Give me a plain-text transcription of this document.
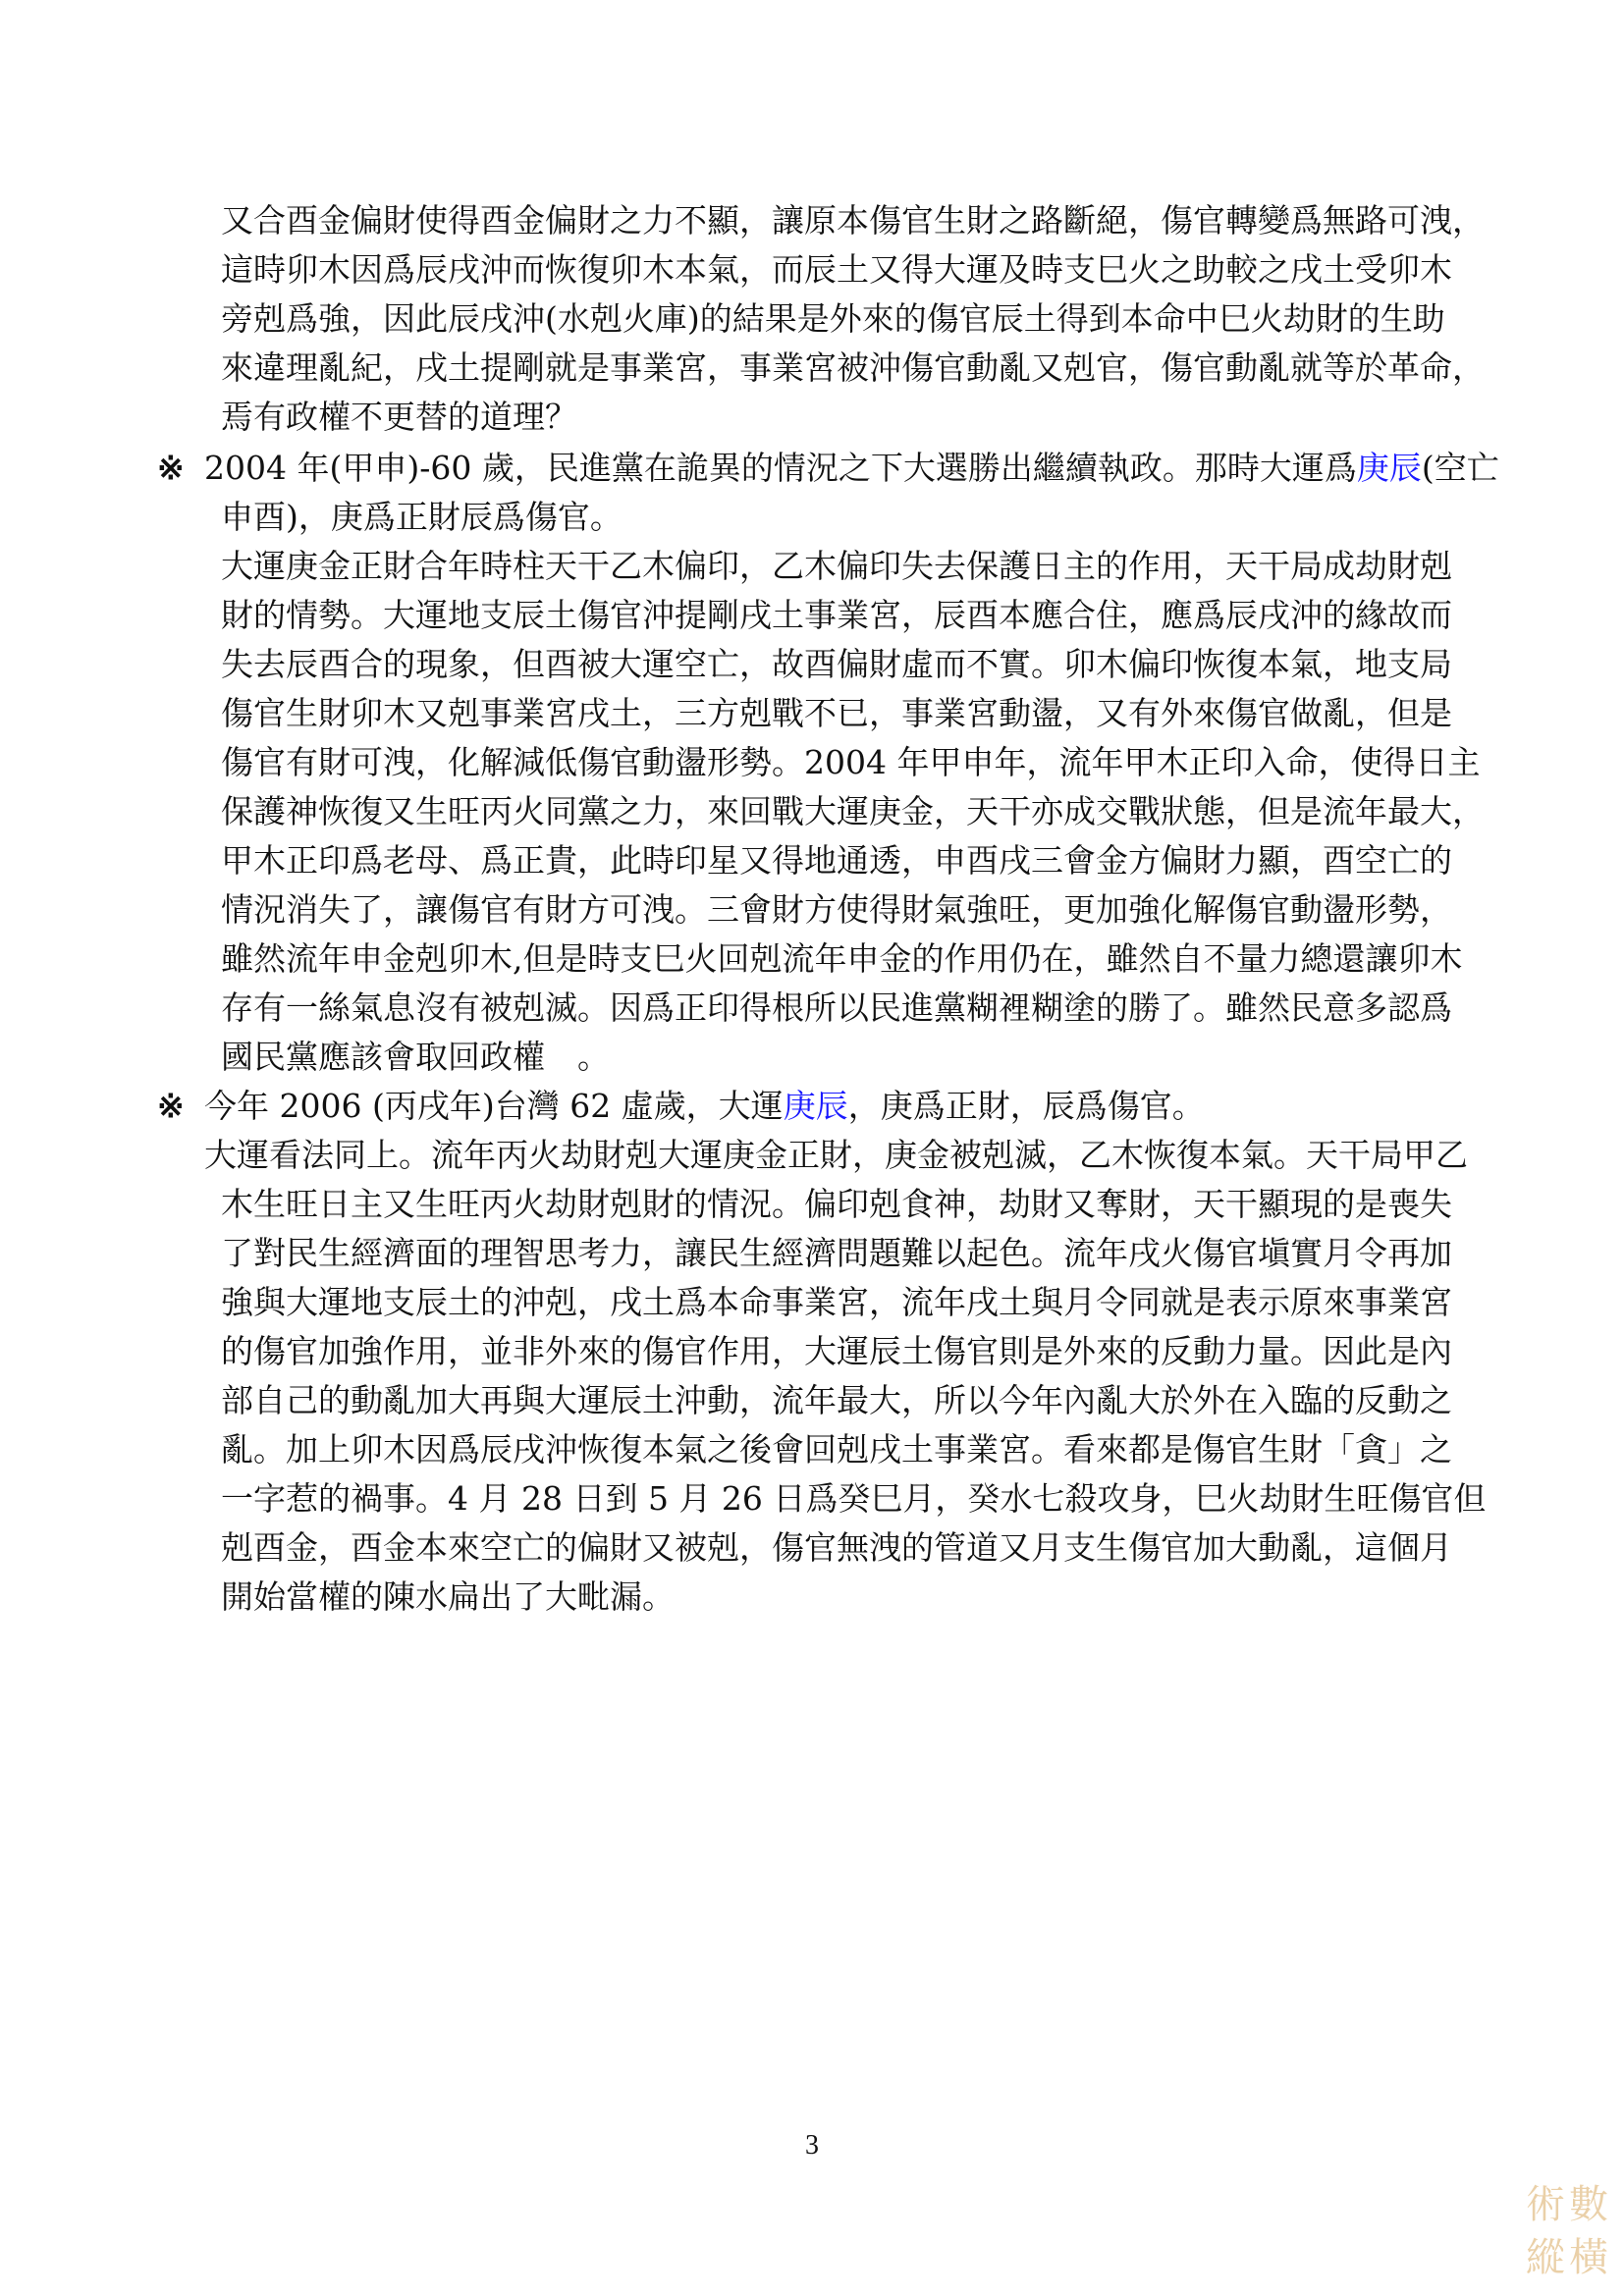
又合酉金偏財使得酉金偏財之力不顯，讓原本傷官生財之路斷絕，傷官轉變爲無路可洩，
這時卯木因爲辰戌沖而恢復卯木本氣，而辰土又得大運及時支巳火之助較之戌土受卯木
旁剋爲強，因此辰戌沖(水剋火庫)的結果是外來的傷官辰土得到本命中巳火劫財的生助
來違理亂紀，戌土提剛就是事業宮，事業宮被沖傷官動亂又剋官，傷官動亂就等於革命，
焉有政權不更替的道理？
※ 2004 年(甲申)-60 歲，民進黨在詭異的情況之下大選勝出繼續執政。那時大運爲庚辰(空亡
申酉)，庚爲正財辰爲傷官。
大運庚金正財合年時柱天干乙木偏印，乙木偏印失去保護日主的作用，天干局成劫財剋
財的情勢。大運地支辰土傷官沖提剛戌土事業宮，辰酉本應合住，應爲辰戌沖的緣故而
失去辰酉合的現象，但酉被大運空亡，故酉偏財虛而不實。卯木偏印恢復本氣，地支局
傷官生財卯木又剋事業宮戌土，三方剋戰不已，事業宮動盪，又有外來傷官做亂，但是
傷官有財可洩，化解減低傷官動盪形勢。2004 年甲申年，流年甲木正印入命，使得日主
保護神恢復又生旺丙火同黨之力，來回戰大運庚金，天干亦成交戰狀態，但是流年最大，
甲木正印爲老母、爲正貴，此時印星又得地通透，申酉戌三會金方偏財力顯，酉空亡的
情況消失了，讓傷官有財方可洩。三會財方使得財氣強旺，更加強化解傷官動盪形勢，
雖然流年申金剋卯木,但是時支巳火回剋流年申金的作用仍在，雖然自不量力總還讓卯木
存有一絲氣息沒有被剋滅。因爲正印得根所以民進黨糊裡糊塗的勝了。雖然民意多認爲
國民黨應該會取回政權　。
※ 今年 2006 (丙戌年)台灣 62 虛歲，大運庚辰，庚爲正財，辰爲傷官。
大運看法同上。流年丙火劫財剋大運庚金正財，庚金被剋滅，乙木恢復本氣。天干局甲乙
木生旺日主又生旺丙火劫財剋財的情況。偏印剋食神，劫財又奪財，天干顯現的是喪失
了對民生經濟面的理智思考力，讓民生經濟問題難以起色。流年戌火傷官塡實月令再加
強與大運地支辰土的沖剋，戌土爲本命事業宮，流年戌土與月令同就是表示原來事業宮
的傷官加強作用，並非外來的傷官作用，大運辰土傷官則是外來的反動力量。因此是內
部自己的動亂加大再與大運辰土沖動，流年最大，所以今年內亂大於外在入臨的反動之
亂。加上卯木因爲辰戌沖恢復本氣之後會回剋戌土事業宮。看來都是傷官生財「貪」之
一字惹的禍事。4 月 28 日到 5 月 26 日爲癸巳月，癸水七殺攻身，巳火劫財生旺傷官但
剋酉金，酉金本來空亡的偏財又被剋，傷官無洩的管道又月支生傷官加大動亂，這個月
開始當權的陳水扁出了大毗漏。
3
術 數
縱 橫
